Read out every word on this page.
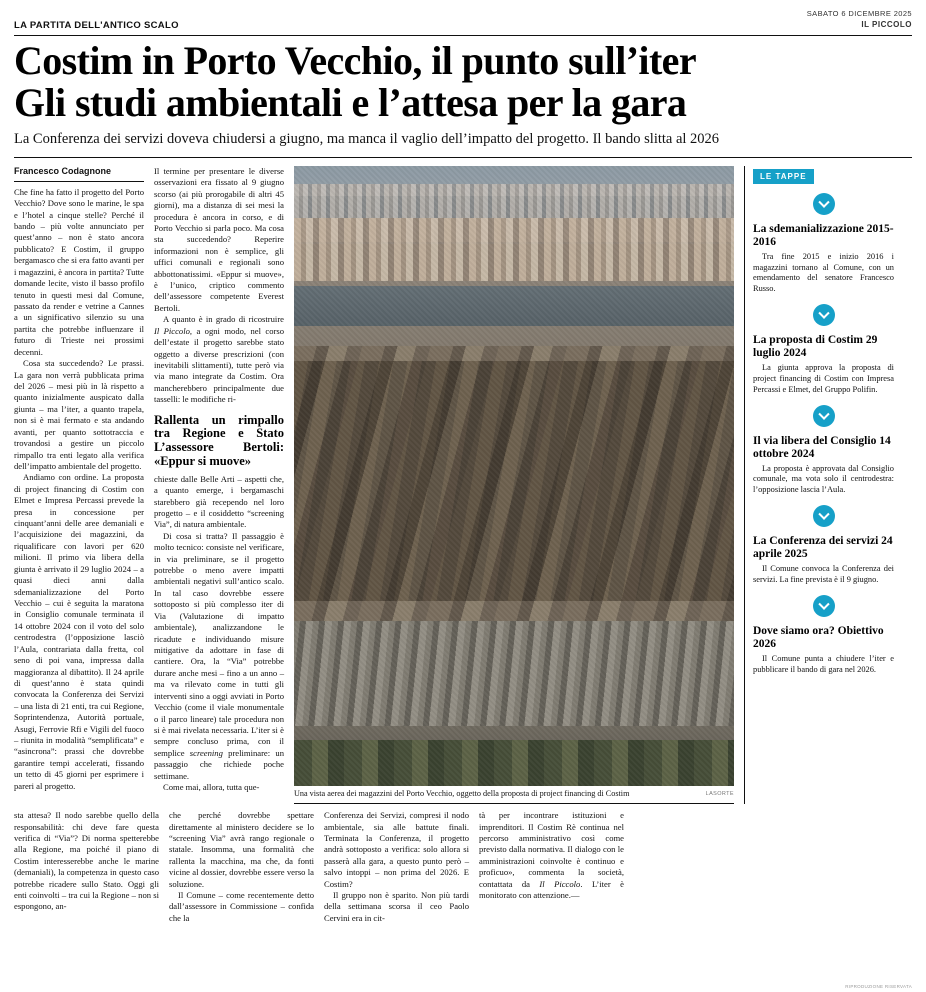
LA PARTITA DELL'ANTICO SCALO
SABATO 6 DICEMBRE 2025
IL PICCOLO
Costim in Porto Vecchio, il punto sull’iter
Gli studi ambientali e l’attesa per la gara
La Conferenza dei servizi doveva chiudersi a giugno, ma manca il vaglio dell’impatto del progetto. Il bando slitta al 2026
Francesco Codagnone

Che fine ha fatto il progetto del Porto Vecchio? Dove sono le marine, le spa e l’hotel a cinque stelle? Perché il bando – più volte annunciato per quest’anno – non è stato ancora pubblicato? E Costim, il gruppo bergamasco che si era fatto avanti per i magazzini, è ancora in partita? Tutte domande lecite, visto il basso profilo tenuto in questi mesi dal Comune, passato da render e vetrine a Cannes a un significativo silenzio su una partita che potrebbe influenzare il futuro di Trieste nei prossimi decenni.

Cosa sta succedendo? Le prassi. La gara non verrà pubblicata prima del 2026 – mesi più in là rispetto a quanto inizialmente auspicato dalla giunta – ma l’iter, a quanto trapela, non si è mai fermato e sta andando avanti, per quanto sottotraccia e trovandosi a gestire un piccolo rimpallo tra enti legato alla verifica dell’impatto ambientale del progetto.

Andiamo con ordine. La proposta di project financing di Costim con Elmet e Impresa Percassi prevede la presa in concessione per cinquant’anni delle aree demaniali e l’acquisizione dei magazzini, da riqualificare con lavori per 620 milioni. Il primo via libera della giunta è arrivato il 29 luglio 2024 – a quasi dieci anni dalla sdemanializzazione del Porto Vecchio – cui è seguita la maratona in Consiglio comunale terminata il 14 ottobre 2024 con il voto del solo centrodestra (l’opposizione lasciò l’Aula, contrariata dalla fretta, col seno di poi vana, impressa dalla maggioranza al dibattito). Il 24 aprile di quest’anno è stata quindi convocata la Conferenza dei Servizi – una lista di 21 enti, tra cui Regione, Soprintendenza, Autorità portuale, Asugi, Ferrovie Rfi e Vigili del fuoco – riunita in modalità “semplificata” e “asincrona”: prassi che dovrebbe garantire tempi accelerati, fissando un tetto di 45 giorni per esprimere i pareri al progetto.

Il termine per presentare le diverse osservazioni era fissato al 9 giugno scorso (ai più prorogabile di altri 45 giorni), ma a distanza di sei mesi la procedura è ancora in corso, e di Porto Vecchio si parla poco. Ma cosa sta succedendo? Reperire informazioni non è semplice, gli uffici comunali e regionali sono abbottonatissimi. «Eppur si muove», è l’unico, criptico commento dell’assessore competente Everest Bertoli.

A quanto è in grado di ricostruire Il Piccolo, a ogni modo, nel corso dell’estate il progetto sarebbe stato oggetto a diverse prescrizioni (con inevitabili slittamenti), tutte però via via mano integrate da Costim. Ora mancherebbero principalmente due tasselli: le modifiche ri-

Rallenta un rimpallo tra Regione e Stato L’assessore Bertoli: «Eppur si muove»

chieste dalle Belle Arti – aspetti che, a quanto emerge, i bergamaschi starebbero già recependo nel loro progetto – e il cosiddetto “screening Via”, di natura ambientale.

Di cosa si tratta? Il passaggio è molto tecnico: consiste nel verificare, in via preliminare, se il progetto potrebbe o meno avere impatti ambientali negativi sull’antico scalo. In tal caso dovrebbe essere sottoposto si più complesso iter di Via (Valutazione di impatto ambientale), analizzandone le ricadute e individuando misure mitigative da adottare in fase di cantiere. Ora, la “Via” potrebbe durare anche mesi – fino a un anno – ma va rilevato come in tutti gli interventi sino a oggi avviati in Porto Vecchio (come il viale monumentale o il parco lineare) tale procedura non si è mai rivelata necessaria. L’iter si è sempre concluso prima, con il semplice screening preliminare: un passaggio che richiede poche settimane.

Come mai, allora, tutta que-

Una vista aerea dei magazzini del Porto Vecchio, oggetto della proposta di project financing di Costim	LASORTE
LE TAPPE
La sdemanializzazione 2015-2016
Tra fine 2015 e inizio 2016 i magazzini tornano al Comune, con un emendamento del senatore Francesco Russo.
La proposta di Costim 29 luglio 2024
La giunta approva la proposta di project financing di Costim con Impresa Percassi e Elmet, del Gruppo Polifin.
Il via libera del Consiglio 14 ottobre 2024
La proposta è approvata dal Consiglio comunale, ma vota solo il centrodestra: l’opposizione lascia l’Aula.
La Conferenza dei servizi 24 aprile 2025
Il Comune convoca la Conferenza dei servizi. La fine prevista è il 9 giugno.
Dove siamo ora? Obiettivo 2026
Il Comune punta a chiudere l’iter e pubblicare il bando di gara nel 2026.

sta attesa? Il nodo sarebbe quello della responsabilità: chi deve fare questa verifica di “Via”? Di norma spetterebbe alla Regione, ma poiché il piano di Costim interesserebbe anche le marine (demaniali), la competenza in questo caso potrebbe ricadere sullo Stato. Oggi gli enti coinvolti – tra cui la Regione – non si espongono, an-

che perché dovrebbe spettare direttamente al ministero decidere se lo “screening Via” avrà rango regionale o statale. Insomma, una formalità che rallenta la macchina, ma che, da fonti vicine al dossier, dovrebbe essere verso la soluzione.

Il Comune – come recentemente detto dall’assessore in Commissione – confida che la

Conferenza dei Servizi, compresi il nodo ambientale, sia alle battute finali. Terminata la Conferenza, il progetto andrà sottoposto a verifica: solo allora si passerà alla gara, a questo punto però – salvo intoppi – non prima del 2026. E Costim?

Il gruppo non è sparito. Non più tardi della settimana scorsa il ceo Paolo Cervini era in cit-

tà per incontrare istituzioni e imprenditori. Il Costim Rè continua nel percorso amministrativo così come previsto dalla normativa. Il dialogo con le amministrazioni coinvolte è continuo e proficuo», commenta la società, contattata da Il Piccolo. L’iter è monitorato con attenzione.—

RIPRODUZIONE RISERVATA
